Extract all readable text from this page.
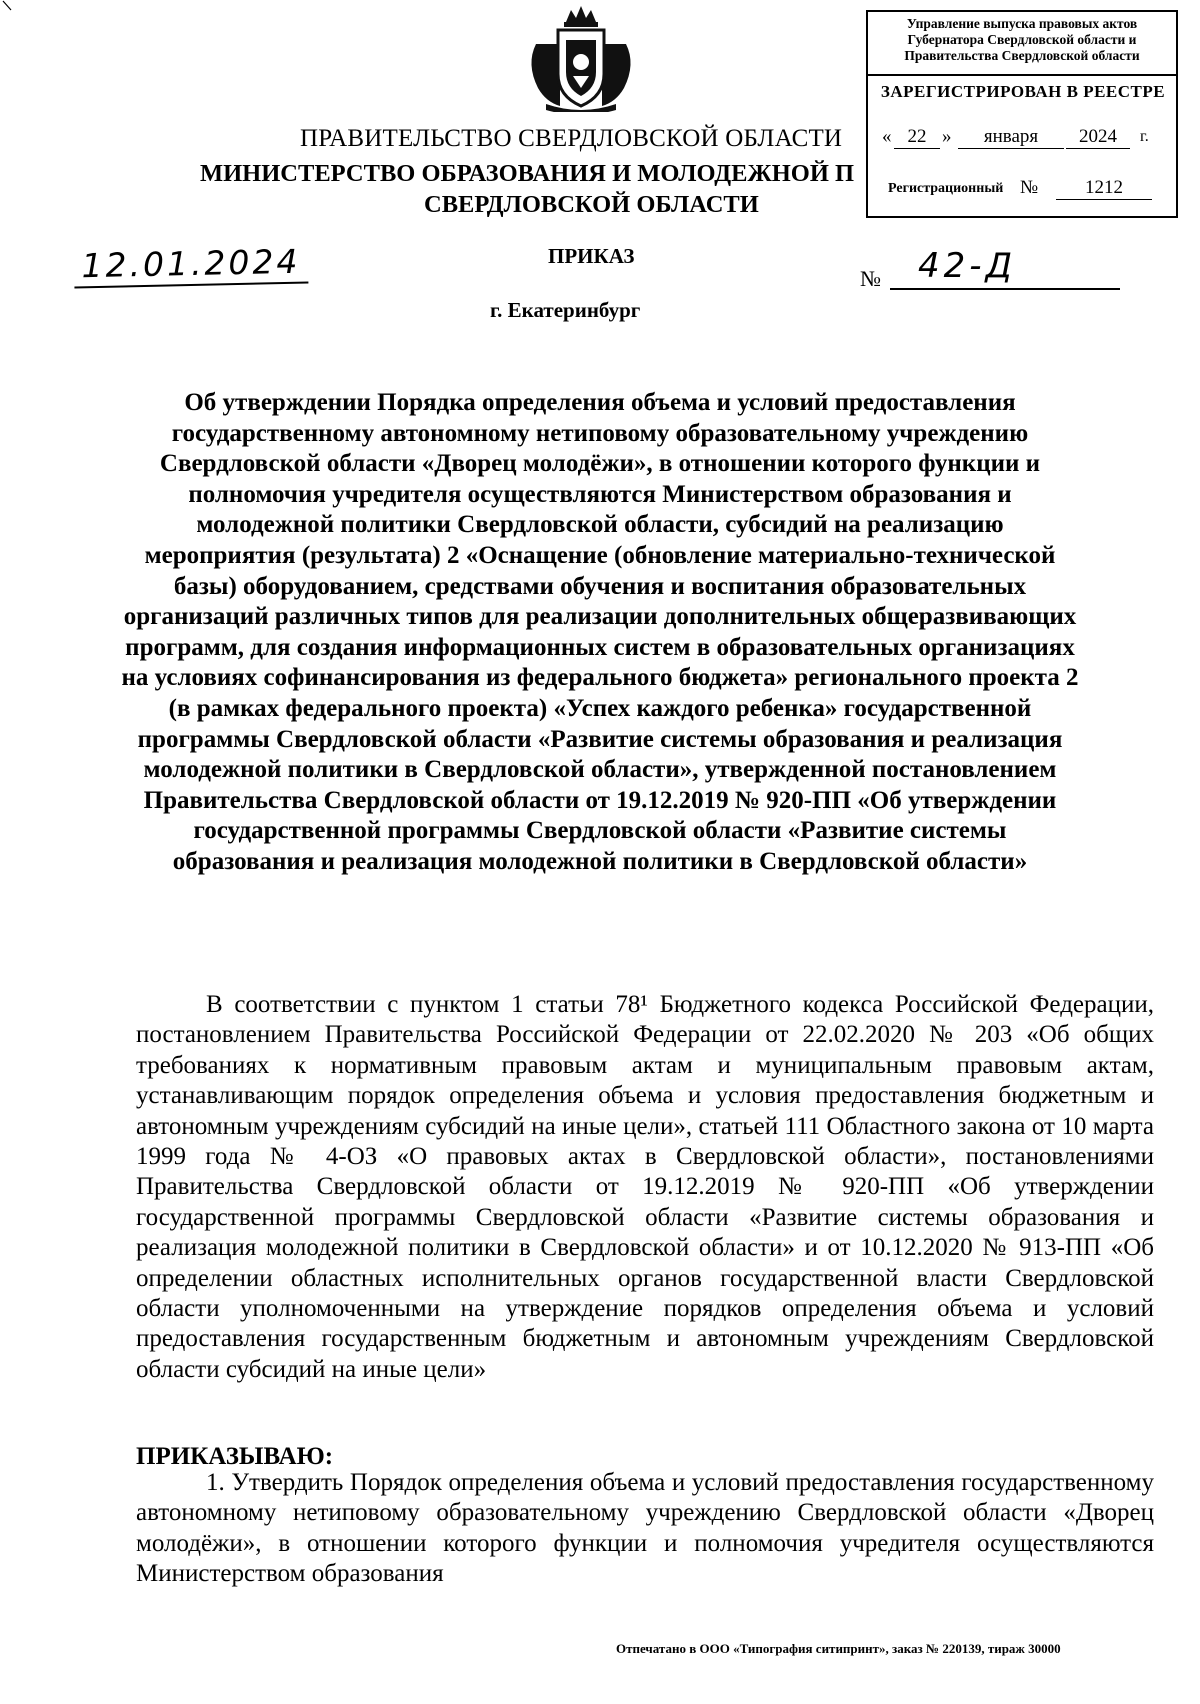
ПРАВИТЕЛЬСТВО СВЕРДЛОВСКОЙ ОБЛАСТИ
МИНИСТЕРСТВО ОБРАЗОВАНИЯ И МОЛОДЕЖНОЙ П
СВЕРДЛОВСКОЙ ОБЛАСТИ
Управление выпуска правовых актов Губернатора Свердловской области и Правительства Свердловской области
ЗАРЕГИСТРИРОВАН В РЕЕСТРЕ
« 22 »	января	2024	г.
Регистрационный №	1212
12.01.2024	ПРИКАЗ
№	42-Д
г. Екатеринбург
Об утверждении Порядка определения объема и условий предоставления государственному автономному нетиповому образовательному учреждению Свердловской области «Дворец молодёжи», в отношении которого функции и полномочия учредителя осуществляются Министерством образования и молодежной политики Свердловской области, субсидий на реализацию мероприятия (результата) 2 «Оснащение (обновление материально-технической базы) оборудованием, средствами обучения и воспитания образовательных организаций различных типов для реализации дополнительных общеразвивающих программ, для создания информационных систем в образовательных организациях на условиях софинансирования из федерального бюджета» регионального проекта 2 (в рамках федерального проекта) «Успех каждого ребенка» государственной программы Свердловской области «Развитие системы образования и реализация молодежной политики в Свердловской области», утвержденной постановлением Правительства Свердловской области от 19.12.2019 № 920-ПП «Об утверждении государственной программы Свердловской области «Развитие системы образования и реализация молодежной политики в Свердловской области»
В соответствии с пунктом 1 статьи 78¹ Бюджетного кодекса Российской Федерации, постановлением Правительства Российской Федерации от 22.02.2020 № 203 «Об общих требованиях к нормативным правовым актам и муниципальным правовым актам, устанавливающим порядок определения объема и условия предоставления бюджетным и автономным учреждениям субсидий на иные цели», статьей 111 Областного закона от 10 марта 1999 года № 4-ОЗ «О правовых актах в Свердловской области», постановлениями Правительства Свердловской области от 19.12.2019 № 920-ПП «Об утверждении государственной программы Свердловской области «Развитие системы образования и реализация молодежной политики в Свердловской области» и от 10.12.2020 № 913-ПП «Об определении областных исполнительных органов государственной власти Свердловской области уполномоченными на утверждение порядков определения объема и условий предоставления государственным бюджетным и автономным учреждениям Свердловской области субсидий на иные цели»
ПРИКАЗЫВАЮ:
1. Утвердить Порядок определения объема и условий предоставления государственному автономному нетиповому образовательному учреждению Свердловской области «Дворец молодёжи», в отношении которого функции и полномочия учредителя осуществляются Министерством образования
Отпечатано в ООО «Типография ситипринт», заказ № 220139, тираж 30000
